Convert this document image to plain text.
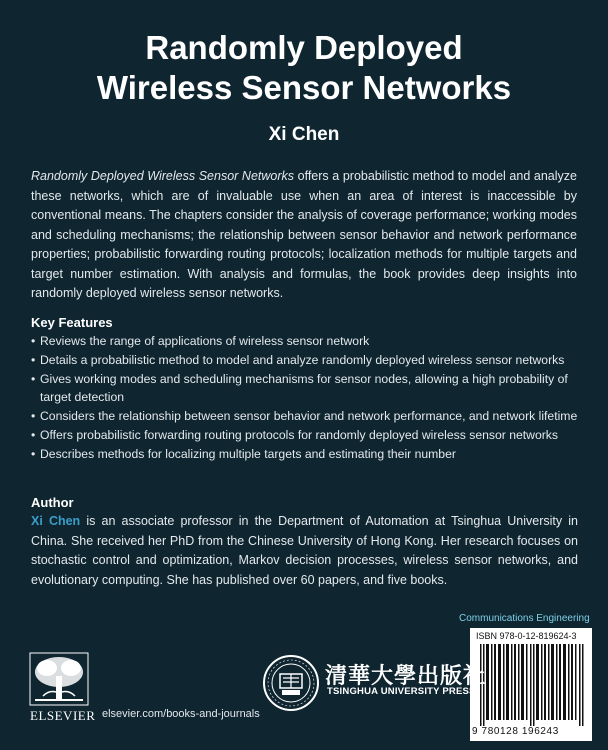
Randomly Deployed
Wireless Sensor Networks
Xi Chen
Randomly Deployed Wireless Sensor Networks offers a probabilistic method to model and analyze these networks, which are of invaluable use when an area of interest is inaccessible by conventional means. The chapters consider the analysis of coverage performance; working modes and scheduling mechanisms; the relationship between sensor behavior and network performance properties; probabilistic forwarding routing protocols; localization methods for multiple targets and target number estimation. With analysis and formulas, the book provides deep insights into randomly deployed wireless sensor networks.
Key Features
• Reviews the range of applications of wireless sensor network
• Details a probabilistic method to model and analyze randomly deployed wireless sensor networks
• Gives working modes and scheduling mechanisms for sensor nodes, allowing a high probability of target detection
• Considers the relationship between sensor behavior and network performance, and network lifetime
• Offers probabilistic forwarding routing protocols for randomly deployed wireless sensor networks
• Describes methods for localizing multiple targets and estimating their number
Author
Xi Chen is an associate professor in the Department of Automation at Tsinghua University in China. She received her PhD from the Chinese University of Hong Kong. Her research focuses on stochastic control and optimization, Markov decision processes, wireless sensor networks, and evolutionary computing. She has published over 60 papers, and five books.
Communications Engineering
ISBN 978-0-12-819624-3
9 780128 196243
ELSEVIER elsevier.com/books-and-journals
清華大學出版社
TSINGHUA UNIVERSITY PRESS
